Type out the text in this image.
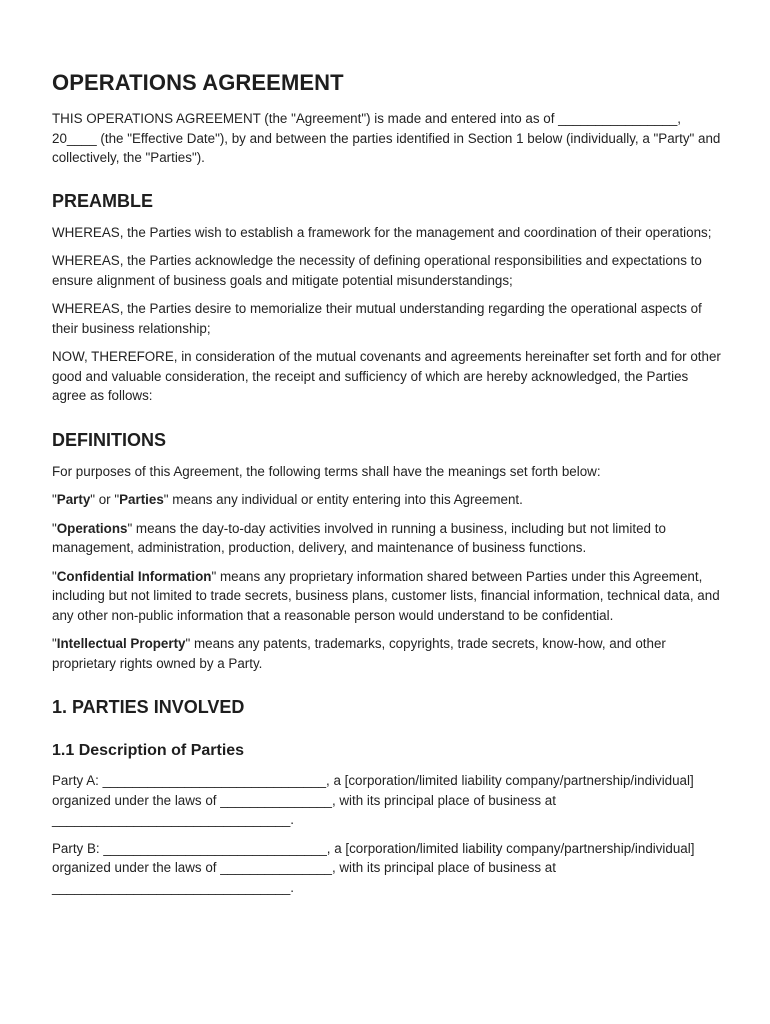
OPERATIONS AGREEMENT

THIS OPERATIONS AGREEMENT (the "Agreement") is made and entered into as of ________________, 20____ (the "Effective Date"), by and between the parties identified in Section 1 below (individually, a "Party" and collectively, the "Parties").

PREAMBLE

WHEREAS, the Parties wish to establish a framework for the management and coordination of their operations;

WHEREAS, the Parties acknowledge the necessity of defining operational responsibilities and expectations to ensure alignment of business goals and mitigate potential misunderstandings;

WHEREAS, the Parties desire to memorialize their mutual understanding regarding the operational aspects of their business relationship;

NOW, THEREFORE, in consideration of the mutual covenants and agreements hereinafter set forth and for other good and valuable consideration, the receipt and sufficiency of which are hereby acknowledged, the Parties agree as follows:

DEFINITIONS

For purposes of this Agreement, the following terms shall have the meanings set forth below:

"Party" or "Parties" means any individual or entity entering into this Agreement.

"Operations" means the day-to-day activities involved in running a business, including but not limited to management, administration, production, delivery, and maintenance of business functions.

"Confidential Information" means any proprietary information shared between Parties under this Agreement, including but not limited to trade secrets, business plans, customer lists, financial information, technical data, and any other non-public information that a reasonable person would understand to be confidential.

"Intellectual Property" means any patents, trademarks, copyrights, trade secrets, know-how, and other proprietary rights owned by a Party.

1. PARTIES INVOLVED
1.1 Description of Parties

Party A: ______________________________, a [corporation/limited liability company/partnership/individual] organized under the laws of _______________, with its principal place of business at ________________________________.

Party B: ______________________________, a [corporation/limited liability company/partnership/individual] organized under the laws of _______________, with its principal place of business at ________________________________.
